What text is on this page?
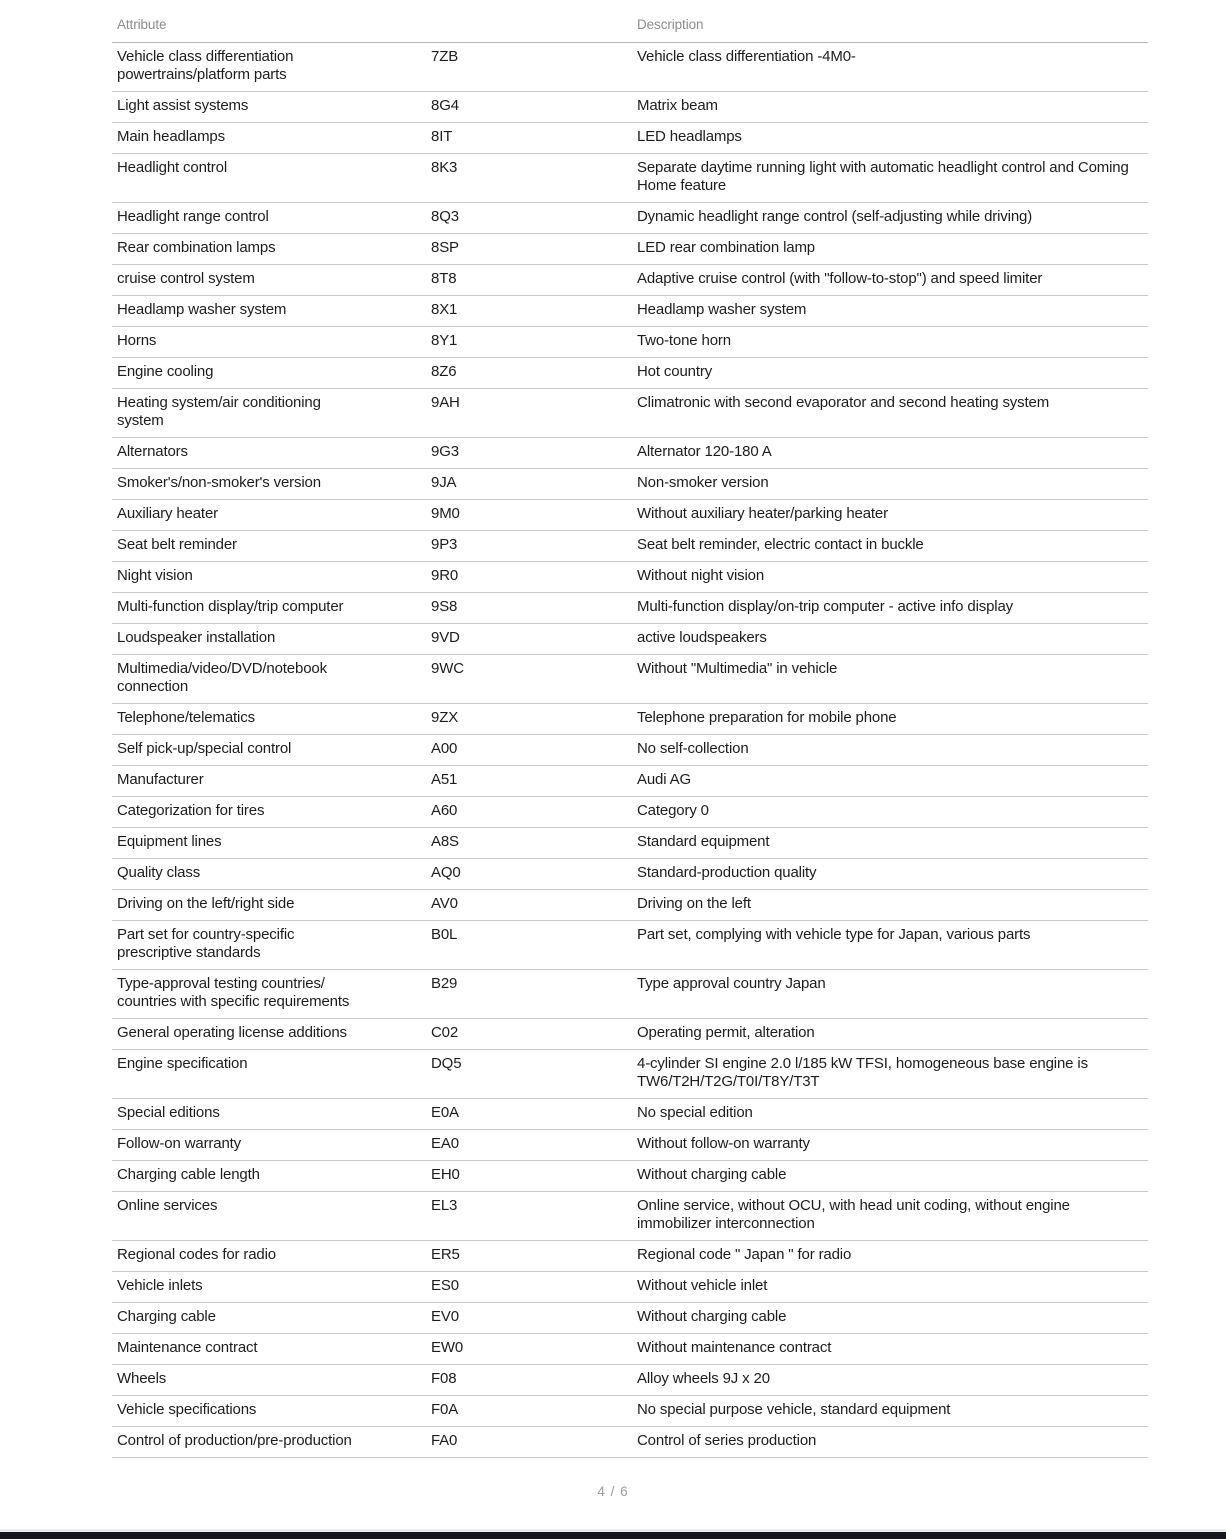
Attribute		Description
Vehicle class differentiation powertrains/platform parts	7ZB	Vehicle class differentiation -4M0-
Light assist systems	8G4	Matrix beam
Main headlamps	8IT	LED headlamps
Headlight control	8K3	Separate daytime running light with automatic headlight control and Coming Home feature
Headlight range control	8Q3	Dynamic headlight range control (self-adjusting while driving)
Rear combination lamps	8SP	LED rear combination lamp
cruise control system	8T8	Adaptive cruise control (with "follow-to-stop") and speed limiter
Headlamp washer system	8X1	Headlamp washer system
Horns	8Y1	Two-tone horn
Engine cooling	8Z6	Hot country
Heating system/air conditioning system	9AH	Climatronic with second evaporator and second heating system
Alternators	9G3	Alternator 120-180 A
Smoker's/non-smoker's version	9JA	Non-smoker version
Auxiliary heater	9M0	Without auxiliary heater/parking heater
Seat belt reminder	9P3	Seat belt reminder, electric contact in buckle
Night vision	9R0	Without night vision
Multi-function display/trip computer	9S8	Multi-function display/on-trip computer - active info display
Loudspeaker installation	9VD	active loudspeakers
Multimedia/video/DVD/notebook connection	9WC	Without "Multimedia" in vehicle
Telephone/telematics	9ZX	Telephone preparation for mobile phone
Self pick-up/special control	A00	No self-collection
Manufacturer	A51	Audi AG
Categorization for tires	A60	Category 0
Equipment lines	A8S	Standard equipment
Quality class	AQ0	Standard-production quality
Driving on the left/right side	AV0	Driving on the left
Part set for country-specific prescriptive standards	B0L	Part set, complying with vehicle type for Japan, various parts
Type-approval testing countries/ countries with specific requirements	B29	Type approval country Japan
General operating license additions	C02	Operating permit, alteration
Engine specification	DQ5	4-cylinder SI engine 2.0 l/185 kW TFSI, homogeneous base engine is TW6/T2H/T2G/T0I/T8Y/T3T
Special editions	E0A	No special edition
Follow-on warranty	EA0	Without follow-on warranty
Charging cable length	EH0	Without charging cable
Online services	EL3	Online service, without OCU, with head unit coding, without engine immobilizer interconnection
Regional codes for radio	ER5	Regional code " Japan " for radio
Vehicle inlets	ES0	Without vehicle inlet
Charging cable	EV0	Without charging cable
Maintenance contract	EW0	Without maintenance contract
Wheels	F08	Alloy wheels 9J x 20
Vehicle specifications	F0A	No special purpose vehicle, standard equipment
Control of production/pre-production	FA0	Control of series production
4 / 6
